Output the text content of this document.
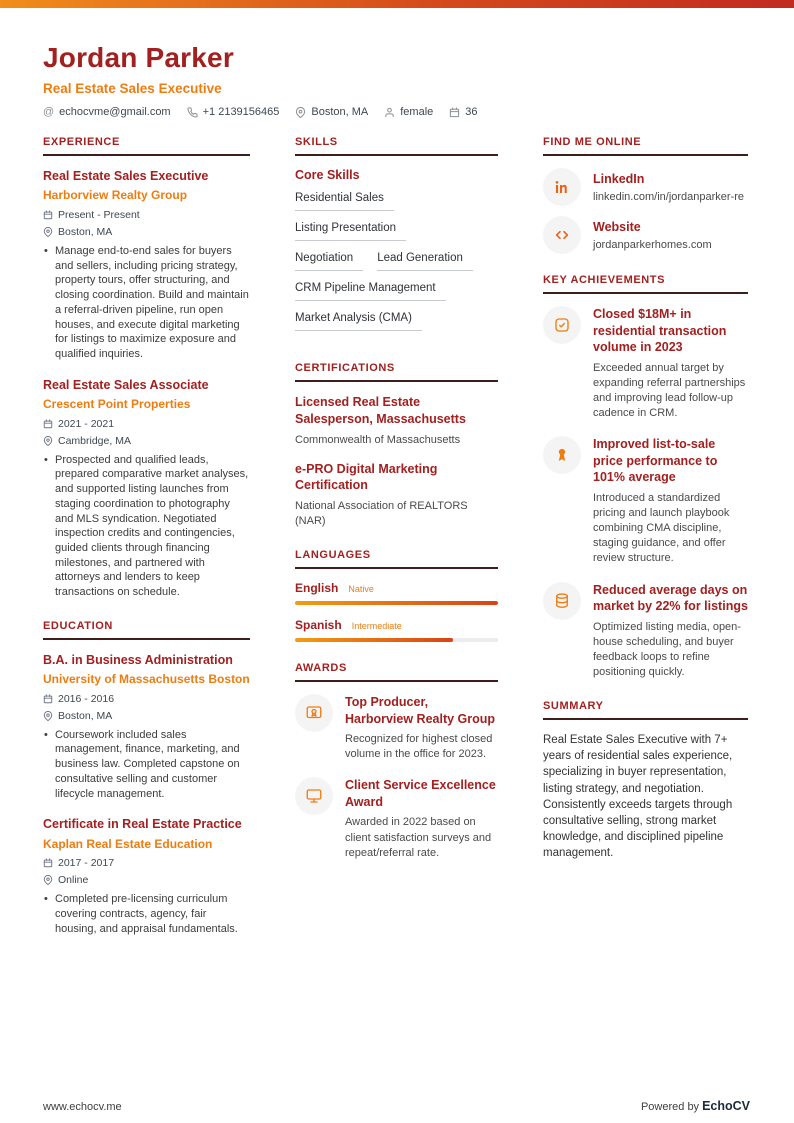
Jordan Parker
Real Estate Sales Executive
@ echocvme@gmail.com	+1 2139156465	Boston, MA	female	36
EXPERIENCE
Real Estate Sales Executive
Harborview Realty Group
Present - Present
Boston, MA
• Manage end-to-end sales for buyers and sellers, including pricing strategy, property tours, offer structuring, and closing coordination. Build and maintain a referral-driven pipeline, run open houses, and execute digital marketing for listings to maximize exposure and qualified inquiries.
Real Estate Sales Associate
Crescent Point Properties
2021 - 2021
Cambridge, MA
• Prospected and qualified leads, prepared comparative market analyses, and supported listing launches from staging coordination to photography and MLS syndication. Negotiated inspection credits and contingencies, guided clients through financing milestones, and partnered with attorneys and lenders to keep transactions on schedule.
EDUCATION
B.A. in Business Administration
University of Massachusetts Boston
2016 - 2016
Boston, MA
• Coursework included sales management, finance, marketing, and business law. Completed capstone on consultative selling and customer lifecycle management.
Certificate in Real Estate Practice
Kaplan Real Estate Education
2017 - 2017
Online
• Completed pre-licensing curriculum covering contracts, agency, fair housing, and appraisal fundamentals.
SKILLS
Core Skills
Residential Sales
Listing Presentation
Negotiation	Lead Generation
CRM Pipeline Management
Market Analysis (CMA)
CERTIFICATIONS
Licensed Real Estate Salesperson, Massachusetts
Commonwealth of Massachusetts
e-PRO Digital Marketing Certification
National Association of REALTORS (NAR)
LANGUAGES
English Native
Spanish Intermediate
AWARDS
Top Producer, Harborview Realty Group

Recognized for highest closed volume in the office for 2023.

Client Service Excellence Award

Awarded in 2022 based on client satisfaction surveys and repeat/referral rate.

FIND ME ONLINE
LinkedIn
linkedin.com/in/jordanparker-re
Website
jordanparkerhomes.com
KEY ACHIEVEMENTS
Closed $18M+ in residential transaction volume in 2023

Exceeded annual target by expanding referral partnerships and improving lead follow-up cadence in CRM.

Improved list-to-sale price performance to 101% average

Introduced a standardized pricing and launch playbook combining CMA discipline, staging guidance, and offer review structure.

Reduced average days on market by 22% for listings

Optimized listing media, open-house scheduling, and buyer feedback loops to refine positioning quickly.

SUMMARY

Real Estate Sales Executive with 7+ years of residential sales experience, specializing in buyer representation, listing strategy, and negotiation. Consistently exceeds targets through consultative selling, strong market knowledge, and disciplined pipeline management.

www.echocv.me	Powered by EchoCV
